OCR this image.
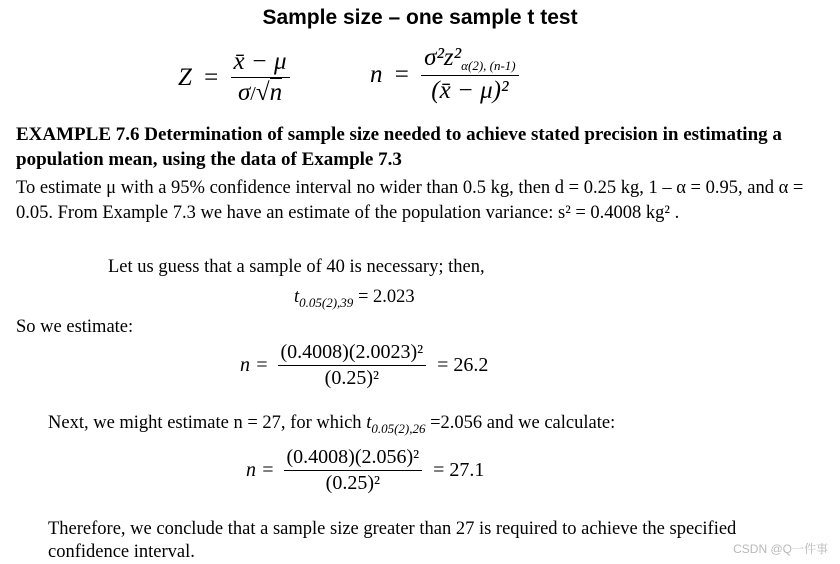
Sample size – one sample t test
$Z = \frac{x̄ - \mu}{\sigma/√n}$	$n = \frac{\sigma^2z^2_{\alpha(2), (n-1)}}{\text{(x̄ − μ)²}}$
EXAMPLE 7.6 Determination of sample size needed to achieve stated precision in estimating a population mean, using the data of Example 7.3
To estimate μ with a 95% confidence interval no wider than 0.5 kg, then d = 0.25 kg, 1 – α = 0.95, and α = 0.05. From Example 7.3 we have an estimate of the population variance: s² = 0.4008 kg² .
Let us guess that a sample of 40 is necessary; then,
$t_{0.05(2),39} = 2.023$
So we estimate:
$n = \frac{\text{(0.4008)(2.0023)²}}{\text{(0.25)²}} = 26.2$
Next, we might estimate n = 27, for which $t_{0.05(2),26} =2.056$ and we calculate:
$n = \frac{\text{(0.4008)(2.056)²}}{\text{(0.25)²}} = 27.1$
Therefore, we conclude that a sample size greater than 27 is required to achieve the specified confidence interval.	CSDN @Q一件事
